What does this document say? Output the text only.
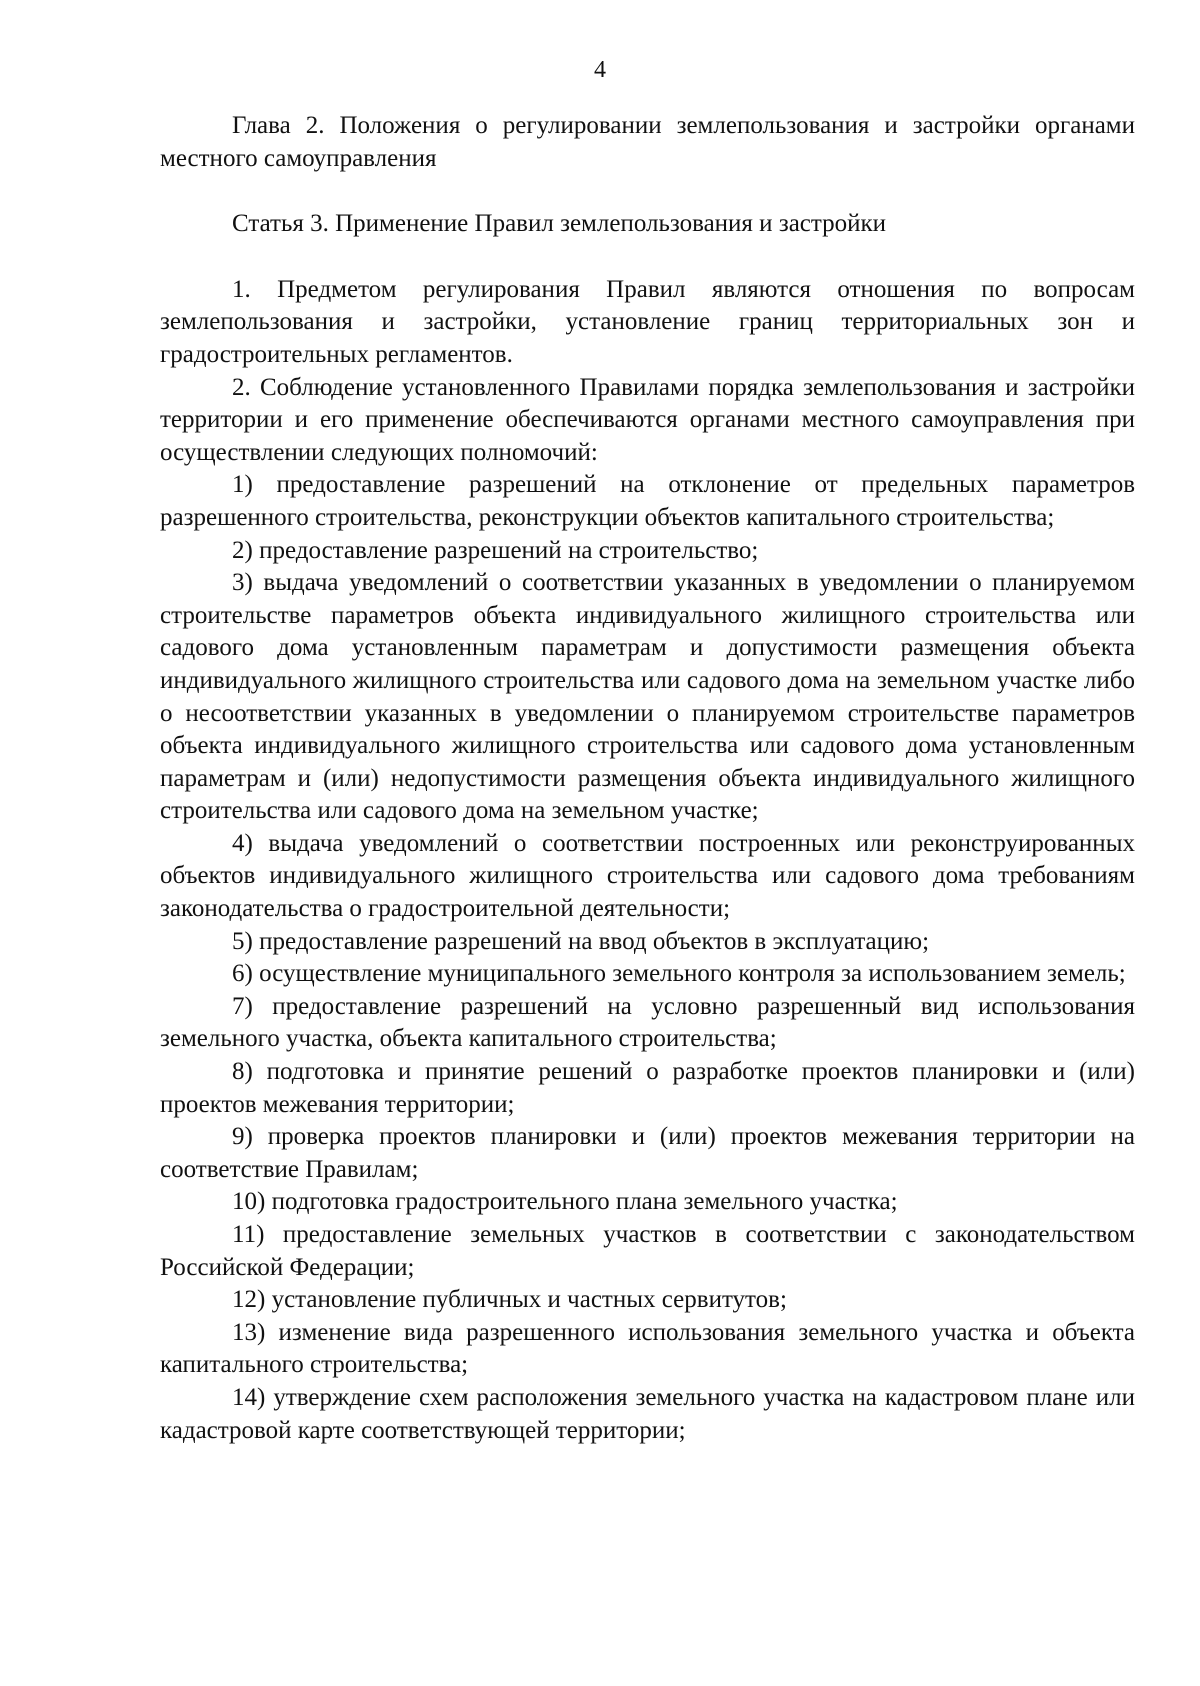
4

Глава 2. Положения о регулировании землепользования и застройки органами местного самоуправления

Статья 3. Применение Правил землепользования и застройки

1. Предметом регулирования Правил являются отношения по вопросам землепользования и застройки, установление границ территориальных зон и градостроительных регламентов.

2. Соблюдение установленного Правилами порядка землепользования и застройки территории и его применение обеспечиваются органами местного самоуправления при осуществлении следующих полномочий:

1) предоставление разрешений на отклонение от предельных параметров разрешенного строительства, реконструкции объектов капитального строительства;

2) предоставление разрешений на строительство;

3) выдача уведомлений о соответствии указанных в уведомлении о планируемом строительстве параметров объекта индивидуального жилищного строительства или садового дома установленным параметрам и допустимости размещения объекта индивидуального жилищного строительства или садового дома на земельном участке либо о несоответствии указанных в уведомлении о планируемом строительстве параметров объекта индивидуального жилищного строительства или садового дома установленным параметрам и (или) недопустимости размещения объекта индивидуального жилищного строительства или садового дома на земельном участке;

4) выдача уведомлений о соответствии построенных или реконструированных объектов индивидуального жилищного строительства или садового дома требованиям законодательства о градостроительной деятельности;

5) предоставление разрешений на ввод объектов в эксплуатацию;

6) осуществление муниципального земельного контроля за использованием земель;

7) предоставление разрешений на условно разрешенный вид использования земельного участка, объекта капитального строительства;

8) подготовка и принятие решений о разработке проектов планировки и (или) проектов межевания территории;

9) проверка проектов планировки и (или) проектов межевания территории на соответствие Правилам;

10) подготовка градостроительного плана земельного участка;

11) предоставление земельных участков в соответствии с законодательством Российской Федерации;

12) установление публичных и частных сервитутов;

13) изменение вида разрешенного использования земельного участка и объекта капитального строительства;

14) утверждение схем расположения земельного участка на кадастровом плане или кадастровой карте соответствующей территории;
